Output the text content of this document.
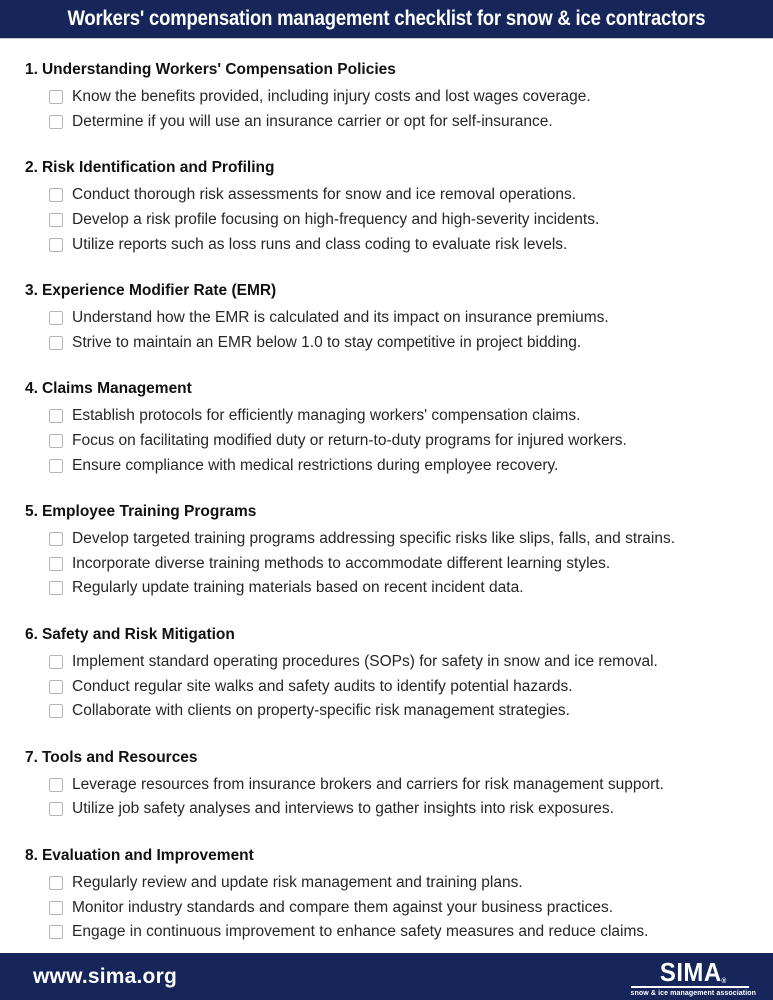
Workers' compensation management checklist for snow & ice contractors
1. Understanding Workers' Compensation Policies
Know the benefits provided, including injury costs and lost wages coverage.
Determine if you will use an insurance carrier or opt for self-insurance.
2. Risk Identification and Profiling
Conduct thorough risk assessments for snow and ice removal operations.
Develop a risk profile focusing on high-frequency and high-severity incidents.
Utilize reports such as loss runs and class coding to evaluate risk levels.
3. Experience Modifier Rate (EMR)
Understand how the EMR is calculated and its impact on insurance premiums.
Strive to maintain an EMR below 1.0 to stay competitive in project bidding.
4. Claims Management
Establish protocols for efficiently managing workers' compensation claims.
Focus on facilitating modified duty or return-to-duty programs for injured workers.
Ensure compliance with medical restrictions during employee recovery.
5. Employee Training Programs
Develop targeted training programs addressing specific risks like slips, falls, and strains.
Incorporate diverse training methods to accommodate different learning styles.
Regularly update training materials based on recent incident data.
6. Safety and Risk Mitigation
Implement standard operating procedures (SOPs) for safety in snow and ice removal.
Conduct regular site walks and safety audits to identify potential hazards.
Collaborate with clients on property-specific risk management strategies.
7. Tools and Resources
Leverage resources from insurance brokers and carriers for risk management support.
Utilize job safety analyses and interviews to gather insights into risk exposures.
8. Evaluation and Improvement
Regularly review and update risk management and training plans.
Monitor industry standards and compare them against your business practices.
Engage in continuous improvement to enhance safety measures and reduce claims.
www.sima.org	SIMA®
snow & ice management association
